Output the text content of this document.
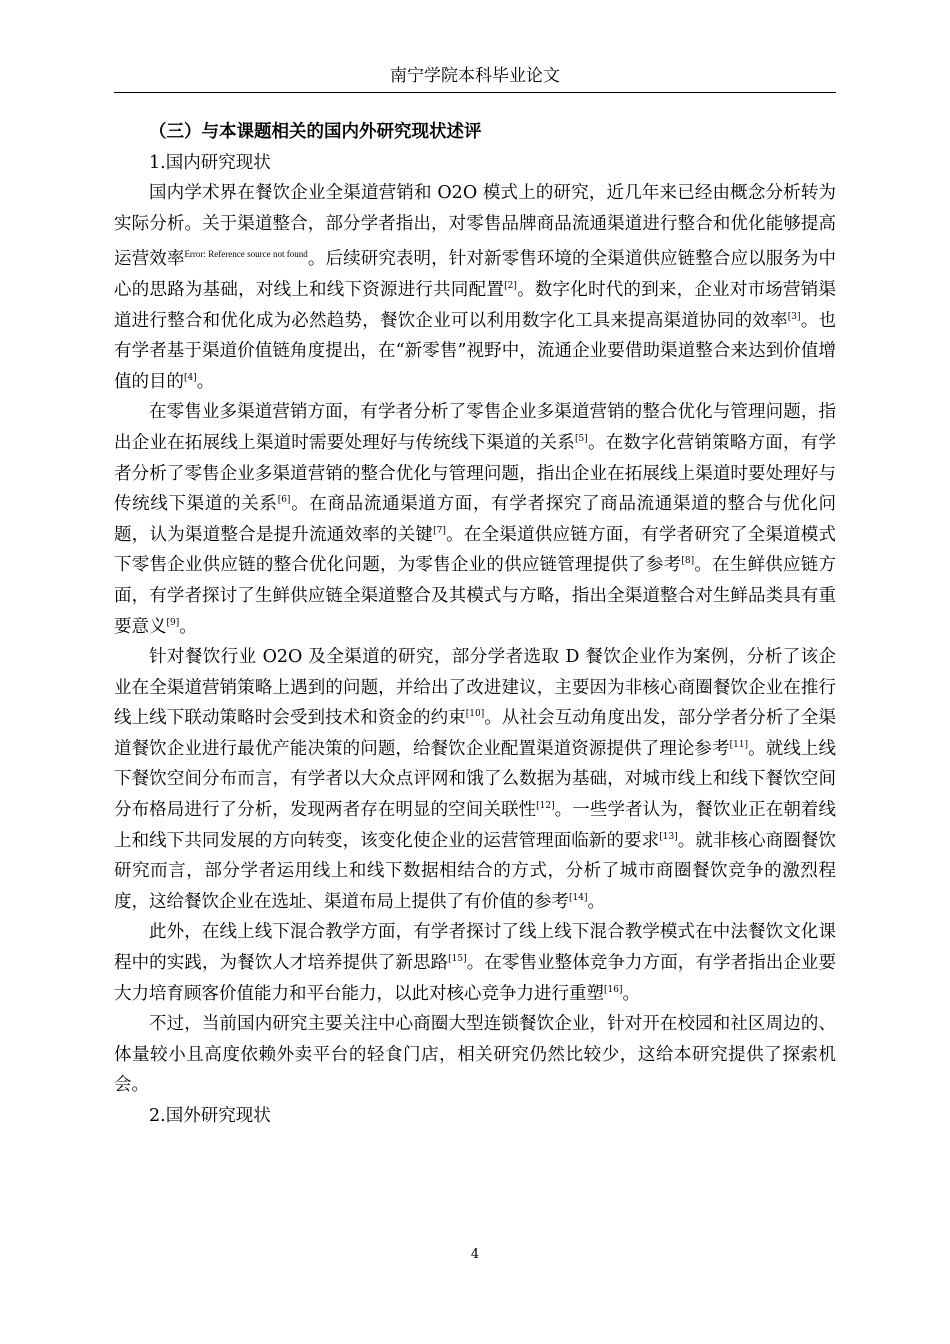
南宁学院本科毕业论文
（三）与本课题相关的国内外研究现状述评
1.国内研究现状

国内学术界在餐饮企业全渠道营销和 O2O 模式上的研究，近几年来已经由概念分析转为实际分析。关于渠道整合，部分学者指出，对零售品牌商品流通渠道进行整合和优化能够提高运营效率$^{Error: Reference source not found}$。后续研究表明，针对新零售环境的全渠道供应链整合应以服务为中心的思路为基础，对线上和线下资源进行共同配置[2]。数字化时代的到来，企业对市场营销渠道进行整合和优化成为必然趋势，餐饮企业可以利用数字化工具来提高渠道协同的效率[3]。也有学者基于渠道价值链角度提出，在“新零售”视野中，流通企业要借助渠道整合来达到价值增值的目的[4]。

在零售业多渠道营销方面，有学者分析了零售企业多渠道营销的整合优化与管理问题，指出企业在拓展线上渠道时需要处理好与传统线下渠道的关系[5]。在数字化营销策略方面，有学者分析了零售企业多渠道营销的整合优化与管理问题，指出企业在拓展线上渠道时要处理好与传统线下渠道的关系[6]。在商品流通渠道方面，有学者探究了商品流通渠道的整合与优化问题，认为渠道整合是提升流通效率的关键[7]。在全渠道供应链方面，有学者研究了全渠道模式下零售企业供应链的整合优化问题，为零售企业的供应链管理提供了参考[8]。在生鲜供应链方面，有学者探讨了生鲜供应链全渠道整合及其模式与方略，指出全渠道整合对生鲜品类具有重要意义[9]。

针对餐饮行业 O2O 及全渠道的研究，部分学者选取 D 餐饮企业作为案例，分析了该企业在全渠道营销策略上遇到的问题，并给出了改进建议，主要因为非核心商圈餐饮企业在推行线上线下联动策略时会受到技术和资金的约束[10]。从社会互动角度出发，部分学者分析了全渠道餐饮企业进行最优产能决策的问题，给餐饮企业配置渠道资源提供了理论参考[11]。就线上线下餐饮空间分布而言，有学者以大众点评网和饿了么数据为基础，对城市线上和线下餐饮空间分布格局进行了分析，发现两者存在明显的空间关联性[12]。一些学者认为，餐饮业正在朝着线上和线下共同发展的方向转变，该变化使企业的运营管理面临新的要求[13]。就非核心商圈餐饮研究而言，部分学者运用线上和线下数据相结合的方式，分析了城市商圈餐饮竞争的激烈程度，这给餐饮企业在选址、渠道布局上提供了有价值的参考[14]。

此外，在线上线下混合教学方面，有学者探讨了线上线下混合教学模式在中法餐饮文化课程中的实践，为餐饮人才培养提供了新思路[15]。在零售业整体竞争力方面，有学者指出企业要大力培育顾客价值能力和平台能力，以此对核心竞争力进行重塑[16]。

不过，当前国内研究主要关注中心商圈大型连锁餐饮企业，针对开在校园和社区周边的、体量较小且高度依赖外卖平台的轻食门店，相关研究仍然比较少，这给本研究提供了探索机会。

2.国外研究现状
4
